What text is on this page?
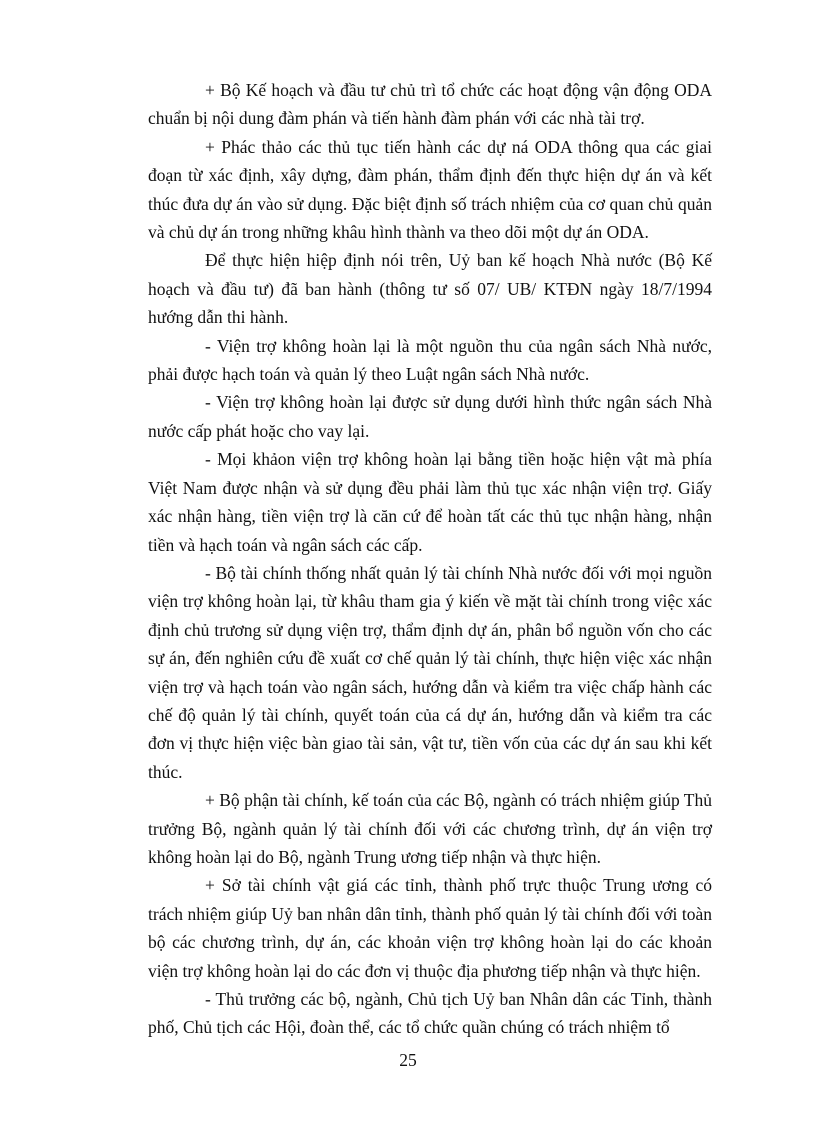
+ Bộ Kế hoạch và đầu tư chủ trì tổ chức các hoạt động vận động ODA chuẩn bị nội dung đàm phán và tiến hành đàm phán với các nhà tài trợ.

+ Phác thảo các thủ tục tiến hành các dự ná ODA thông qua các giai đoạn từ xác định, xây dựng, đàm phán, thẩm định đến thực hiện dự án và kết thúc đưa dự án vào sử dụng. Đặc biệt định số trách nhiệm của cơ quan chủ quản và chủ dự án trong những khâu hình thành va theo dõi một dự án ODA.

Để thực hiện hiệp định nói trên, Uỷ ban kế hoạch Nhà nước (Bộ Kế hoạch và đầu tư) đã ban hành (thông tư số 07/ UB/ KTĐN ngày 18/7/1994 hướng dẫn thi hành.

- Viện trợ không hoàn lại là một nguồn thu của ngân sách Nhà nước, phải được hạch toán và quản lý theo Luật ngân sách Nhà nước.

- Viện trợ không hoàn lại được sử dụng dưới hình thức ngân sách Nhà nước cấp phát hoặc cho vay lại.

- Mọi khảon viện trợ không hoàn lại bằng tiền hoặc hiện vật mà phía Việt Nam được nhận và sử dụng đều phải làm thủ tục xác nhận viện trợ. Giấy xác nhận hàng, tiền viện trợ là căn cứ để hoàn tất các thủ tục nhận hàng, nhận tiền và hạch toán và ngân sách các cấp.

- Bộ tài chính thống nhất quản lý tài chính Nhà nước đối với mọi nguồn viện trợ không hoàn lại, từ khâu tham gia ý kiến về mặt tài chính trong việc xác định chủ trương sử dụng viện trợ, thẩm định dự án, phân bổ nguồn vốn cho các sự án, đến nghiên cứu đề xuất cơ chế quản lý tài chính, thực hiện việc xác nhận viện trợ và hạch toán vào ngân sách, hướng dẫn và kiểm tra việc chấp hành các chế độ quản lý tài chính, quyết toán của cá dự án, hướng dẫn và kiểm tra các đơn vị thực hiện việc bàn giao tài sản, vật tư, tiền vốn của các dự án sau khi kết thúc.

+ Bộ phận tài chính, kế toán của các Bộ, ngành có trách nhiệm giúp Thủ trưởng Bộ, ngành quản lý tài chính đối với các chương trình, dự án viện trợ không hoàn lại do Bộ, ngành Trung ương tiếp nhận và thực hiện.

+ Sở tài chính vật giá các tỉnh, thành phố trực thuộc Trung ương có trách nhiệm giúp Uỷ ban nhân dân tỉnh, thành phố quản lý tài chính đối với toàn bộ các chương trình, dự án, các khoản viện trợ không hoàn lại do các khoản viện trợ không hoàn lại do các đơn vị thuộc địa phương tiếp nhận và thực hiện.

- Thủ trưởng các bộ, ngành, Chủ tịch Uỷ ban Nhân dân các Tỉnh, thành phố, Chủ tịch các Hội, đoàn thể, các tổ chức quần chúng có trách nhiệm tổ

25
